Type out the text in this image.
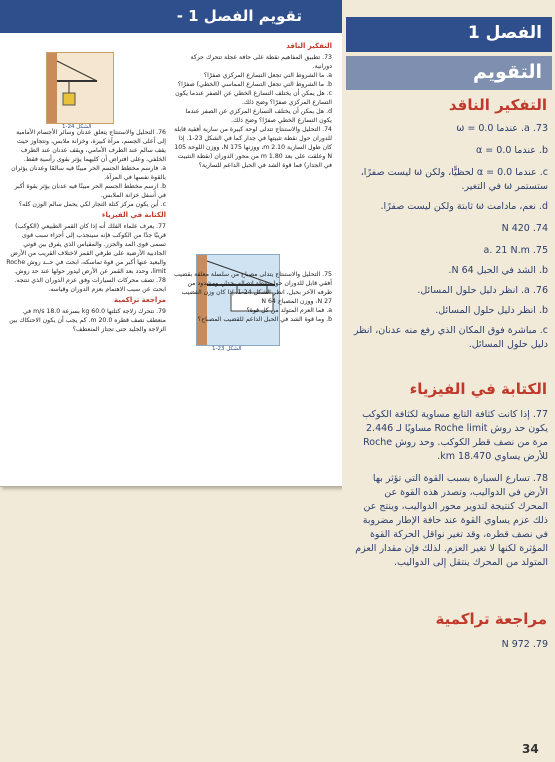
تقويم الفصل 1 -
الشكل 24-1
الشكل 23-1
التفكير الناقد
73. تطبيق المفاهيم نقطة على حافة عجلة تتحرك حركة دورانية.
a. ما الشروط التي تجعل التسارع المركزي صفرًا؟
b. ما الشروط التي تجعل التسارع المماسي (الخطي) صفرًا؟
c. هل يمكن أن يختلف التسارع الخطي عن الصفر عندما يكون التسارع المركزي صفرًا؟ وضح ذلك.
d. هل يمكن أن يختلف التسارع المركزي عن الصفر عندما يكون التسارع الخطي صفرًا؟ وضح ذلك.
74. التحليل والاستنتاج تتدلى لوحة كبيرة من سارية أفقية قابلة للدوران حول نقطة تثبيتها في جدار كما في الشكل 23-1. إذا كان طول السارية 2.10 m، ووزنها 175 N، ووزن اللوحة 105 N وعلقت على بعد 1.80 m من محور الدوران (نقطة التثبيت في الجدار) فما قوة الشد في الحبل الداعم للسارية؟
75. التحليل والاستنتاج يتدلى مصباح من سلسلة معلقة بقضيب أفقي قابل للدوران حول نقطة اتصاله بجدار، ومشدود من طرفه الآخر بحبل، انظر الشكل 24-1. إذا كان وزن القضيب 27 N، ووزن المصباح 64 N
a. فما العزم المتولد من كل قوة؟
b. وما قوة الشد في الحبل الداعم للقضيب المصباح؟
76. التحليل والاستنتاج يتعلق عدنان وسائر الأجسام الأمامية إلى أعلى الجسم، مرآة كبيرة، وخزانة ملابس، وتتجاوز حيث يقف سالم عند الطرف الأمامي، ويقف عدنان عند الطرف الخلفي، وعلى افتراض أن كليهما يؤثر بقوى رأسية فقط.
a. فارسم مخطط الجسم الحر مبينًا فيه سالمًا وعدنان يؤثران بالقوة نفسها في المرآة.
b. ارسم مخطط الجسم الحر مبينًا فيه عدنان يؤثر بقوة أكبر في أسفل خزانة الملابس.
c. أين يكون مركز كتلة التجار لكي يحمل سالم الوزن كله؟
الكتابة في الفيزياء
77. يعرف علماء الفلك أنه إذا كان القمر الطبيعي (الكوكب) قريبًا جدًا من الكوكب فإنه سينجذب إلى أجزاء سبب قوى تسمى قوى المد والجزر. والمقياس الذي يفرق بين قوتي الجاذبية الأرضية على طرفي القمر لاختلاف القريب من الأرض والبعيد عنها أكبر من قوة تماسكه، ابحث في حــد روش Roche limit، وحدد بعد القمر عن الأرض ليدور حولها عند حد روش.
78. تصف محركات السيارات وفق عزم الدوران الذي تنتجه. ابحث عن سبب الاهتمام بعزم الدوران وقياسه.
مراجعة تراكمية
79. تتحرك زلاجة كتلتها 60.0 kg بسرعة 18.0 m/s في منعطف نصف قطره 20.0 m. كم يجب أن يكون الاحتكاك بين الزلاجة والجليد حتى تجتاز المنعطف؟
الفصل 1
التقويم
التفكير الناقد

73. a. عندما ω = 0.0

b. عندما α = 0.0

c. عندما α = 0.0 لحظيًّا، ولكن ω ليست صفرًا، ستستمر ω في التغير.

d. نعم، مادامت ω ثابتة ولكن ليست صفرًا.

74. 420 N

75. a. 21 N.m

b. الشد في الحبل 64 N.

76. a. انظر دليل حلول المسائل.

b. انظر دليل حلول المسائل.

c. مباشرة فوق المكان الذي رفع منه عدنان، انظر دليل حلول المسائل.

الكتابة في الفيزياء

77. إذا كانت كثافة التابع مساوية لكثافة الكوكب يكون حد روش Roche limit مساويًا لـ 2.446 مرة من نصف قطر الكوكب. وحد روش Roche للأرض يساوي 18.470 km.

78. تسارع السيارة بسبب القوة التي تؤثر بها الأرض في الدواليب، وتصدر هذه القوة عن المحرك كنتيجة لتدوير محور الدواليب، وينتج عن ذلك عزم يساوي القوة عند حافة الإطار مضروبة في نصف قطره، وقد تغير نواقل الحركة القوة المؤثرة لكنها لا تغير العزم. لذلك فإن مقدار العزم المتولد من المحرك ينتقل إلى الدواليب.

مراجعة تراكمية
79. 972 N
34
